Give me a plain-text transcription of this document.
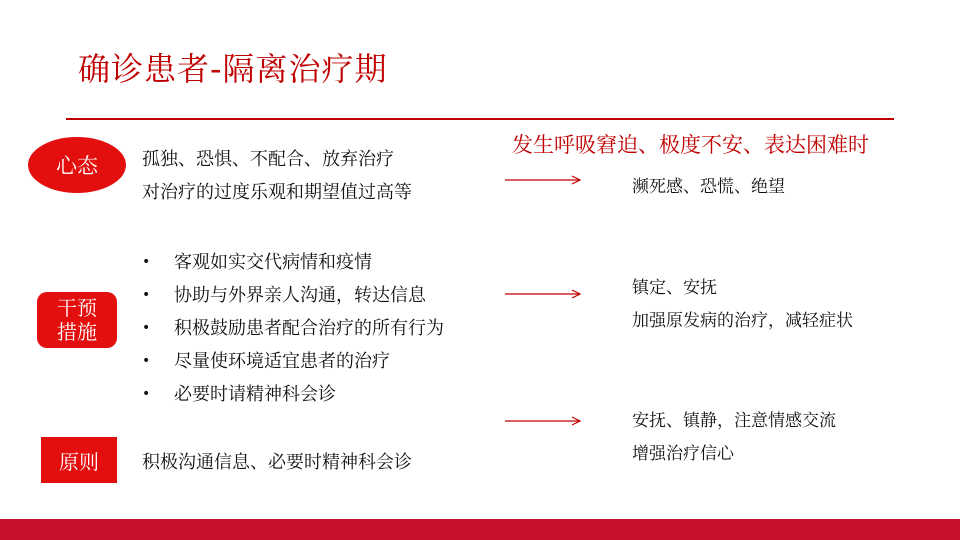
确诊患者-隔离治疗期
心态 孤独、恐惧、不配合、放弃治疗
对治疗的过度乐观和期望值过高等
干预
措施
• 客观如实交代病情和疫情
• 协助与外界亲人沟通，转达信息
• 积极鼓励患者配合治疗的所有行为
• 尽量使环境适宜患者的治疗
• 必要时请精神科会诊
原则 积极沟通信息、必要时精神科会诊
发生呼吸窘迫、极度不安、表达困难时
濒死感、恐慌、绝望
镇定、安抚
加强原发病的治疗，减轻症状
安抚、镇静，注意情感交流
增强治疗信心
